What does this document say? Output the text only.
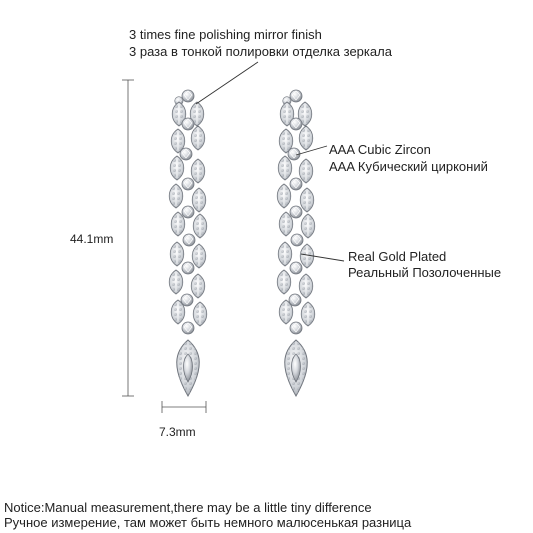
3 times fine polishing mirror finish
3 раза в тонкой полировки отделка зеркала
AAA Cubic Zircon
AAA Кубический цирконий
Real Gold Plated
Реальный Позолоченные
44.1mm
7.3mm
Notice:Manual measurement,there may be a little tiny difference
Ручное измерение, там может быть немного малюсенькая разница
